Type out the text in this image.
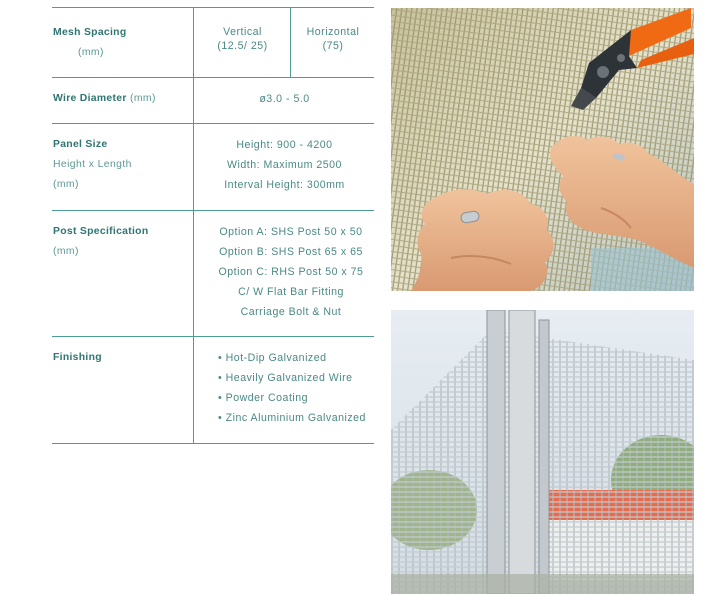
Mesh Spacing
(mm)
Vertical
(12.5/ 25)
Horizontal
(75)
Wire Diameter (mm)	ø3.0 - 5.0
Panel Size
Height x Length
(mm)
Height: 900 - 4200
Width: Maximum 2500
Interval Height: 300mm
Post Specification
(mm)
Option A: SHS Post 50 x 50
Option B: SHS Post 65 x 65
Option C: RHS Post 50 x 75
C/ W Flat Bar Fitting
Carriage Bolt & Nut
Finishing	• Hot-Dip Galvanized
• Heavily Galvanized Wire
• Powder Coating
• Zinc Aluminium Galvanized
